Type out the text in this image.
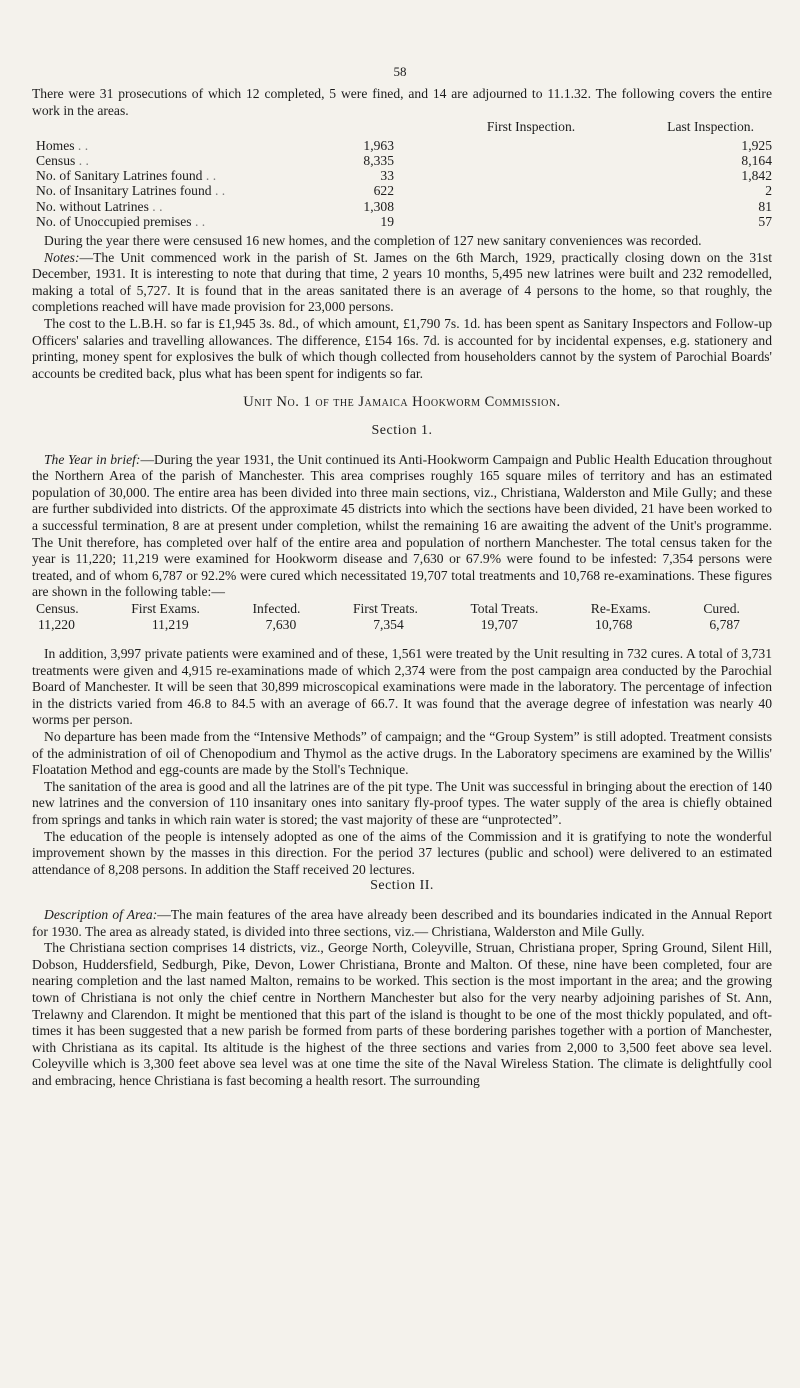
58

There were 31 prosecutions of which 12 completed, 5 were fined, and 14 are adjourned to 11.1.32. The following covers the entire work in the areas.

First Inspection.	Last Inspection.
Homes . .	1,963	1,925
Census . .	8,335	8,164
No. of Sanitary Latrines found . .	33	1,842
No. of Insanitary Latrines found . .	622	2
No. without Latrines . .	1,308	81
No. of Unoccupied premises . .	19	57

During the year there were censused 16 new homes, and the completion of 127 new sanitary conveniences was recorded.

Notes:—The Unit commenced work in the parish of St. James on the 6th March, 1929, practically closing down on the 31st December, 1931. It is interesting to note that during that time, 2 years 10 months, 5,495 new latrines were built and 232 remodelled, making a total of 5,727. It is found that in the areas sanitated there is an average of 4 persons to the home, so that roughly, the completions reached will have made provision for 23,000 persons.

The cost to the L.B.H. so far is £1,945 3s. 8d., of which amount, £1,790 7s. 1d. has been spent as Sanitary Inspectors and Follow-up Officers' salaries and travelling allowances. The difference, £154 16s. 7d. is accounted for by incidental expenses, e.g. stationery and printing, money spent for explosives the bulk of which though collected from householders cannot by the system of Parochial Boards' accounts be credited back, plus what has been spent for indigents so far.

Unit No. 1 of the Jamaica Hookworm Commission.

Section 1.

The Year in brief:—During the year 1931, the Unit continued its Anti-Hookworm Campaign and Public Health Education throughout the Northern Area of the parish of Manchester. This area comprises roughly 165 square miles of territory and has an estimated population of 30,000. The entire area has been divided into three main sections, viz., Christiana, Walderston and Mile Gully; and these are further subdivided into districts. Of the approximate 45 districts into which the sections have been divided, 21 have been worked to a successful termination, 8 are at present under completion, whilst the remaining 16 are awaiting the advent of the Unit's programme. The Unit therefore, has completed over half of the entire area and population of northern Manchester. The total census taken for the year is 11,220; 11,219 were examined for Hookworm disease and 7,630 or 67.9% were found to be infested: 7,354 persons were treated, and of whom 6,787 or 92.2% were cured which necessitated 19,707 total treatments and 10,768 re-examinations. These figures are shown in the following table:—

Census.	First Exams.	Infected.	First Treats.	Total Treats.	Re-Exams.	Cured.
11,220	11,219	7,630	7,354	19,707	10,768	6,787

In addition, 3,997 private patients were examined and of these, 1,561 were treated by the Unit resulting in 732 cures. A total of 3,731 treatments were given and 4,915 re-examinations made of which 2,374 were from the post campaign area conducted by the Parochial Board of Manchester. It will be seen that 30,899 microscopical examinations were made in the laboratory. The percentage of infection in the districts varied from 46.8 to 84.5 with an average of 66.7. It was found that the average degree of infestation was nearly 40 worms per person.

No departure has been made from the “Intensive Methods” of campaign; and the “Group System” is still adopted. Treatment consists of the administration of oil of Chenopodium and Thymol as the active drugs. In the Laboratory specimens are examined by the Willis' Floatation Method and egg-counts are made by the Stoll's Technique.

The sanitation of the area is good and all the latrines are of the pit type. The Unit was successful in bringing about the erection of 140 new latrines and the conversion of 110 insanitary ones into sanitary fly-proof types. The water supply of the area is chiefly obtained from springs and tanks in which rain water is stored; the vast majority of these are “unprotected”.

The education of the people is intensely adopted as one of the aims of the Commission and it is gratifying to note the wonderful improvement shown by the masses in this direction. For the period 37 lectures (public and school) were delivered to an estimated attendance of 8,208 persons. In addition the Staff received 20 lectures.

Section II.

Description of Area:—The main features of the area have already been described and its boundaries indicated in the Annual Report for 1930. The area as already stated, is divided into three sections, viz.— Christiana, Walderston and Mile Gully.

The Christiana section comprises 14 districts, viz., George North, Coleyville, Struan, Christiana proper, Spring Ground, Silent Hill, Dobson, Huddersfield, Sedburgh, Pike, Devon, Lower Christiana, Bronte and Malton. Of these, nine have been completed, four are nearing completion and the last named Malton, remains to be worked. This section is the most important in the area; and the growing town of Christiana is not only the chief centre in Northern Manchester but also for the very nearby adjoining parishes of St. Ann, Trelawny and Clarendon. It might be mentioned that this part of the island is thought to be one of the most thickly populated, and oft-times it has been suggested that a new parish be formed from parts of these bordering parishes together with a portion of Manchester, with Christiana as its capital. Its altitude is the highest of the three sections and varies from 2,000 to 3,500 feet above sea level. Coleyville which is 3,300 feet above sea level was at one time the site of the Naval Wireless Station. The climate is delightfully cool and embracing, hence Christiana is fast becoming a health resort. The surrounding
